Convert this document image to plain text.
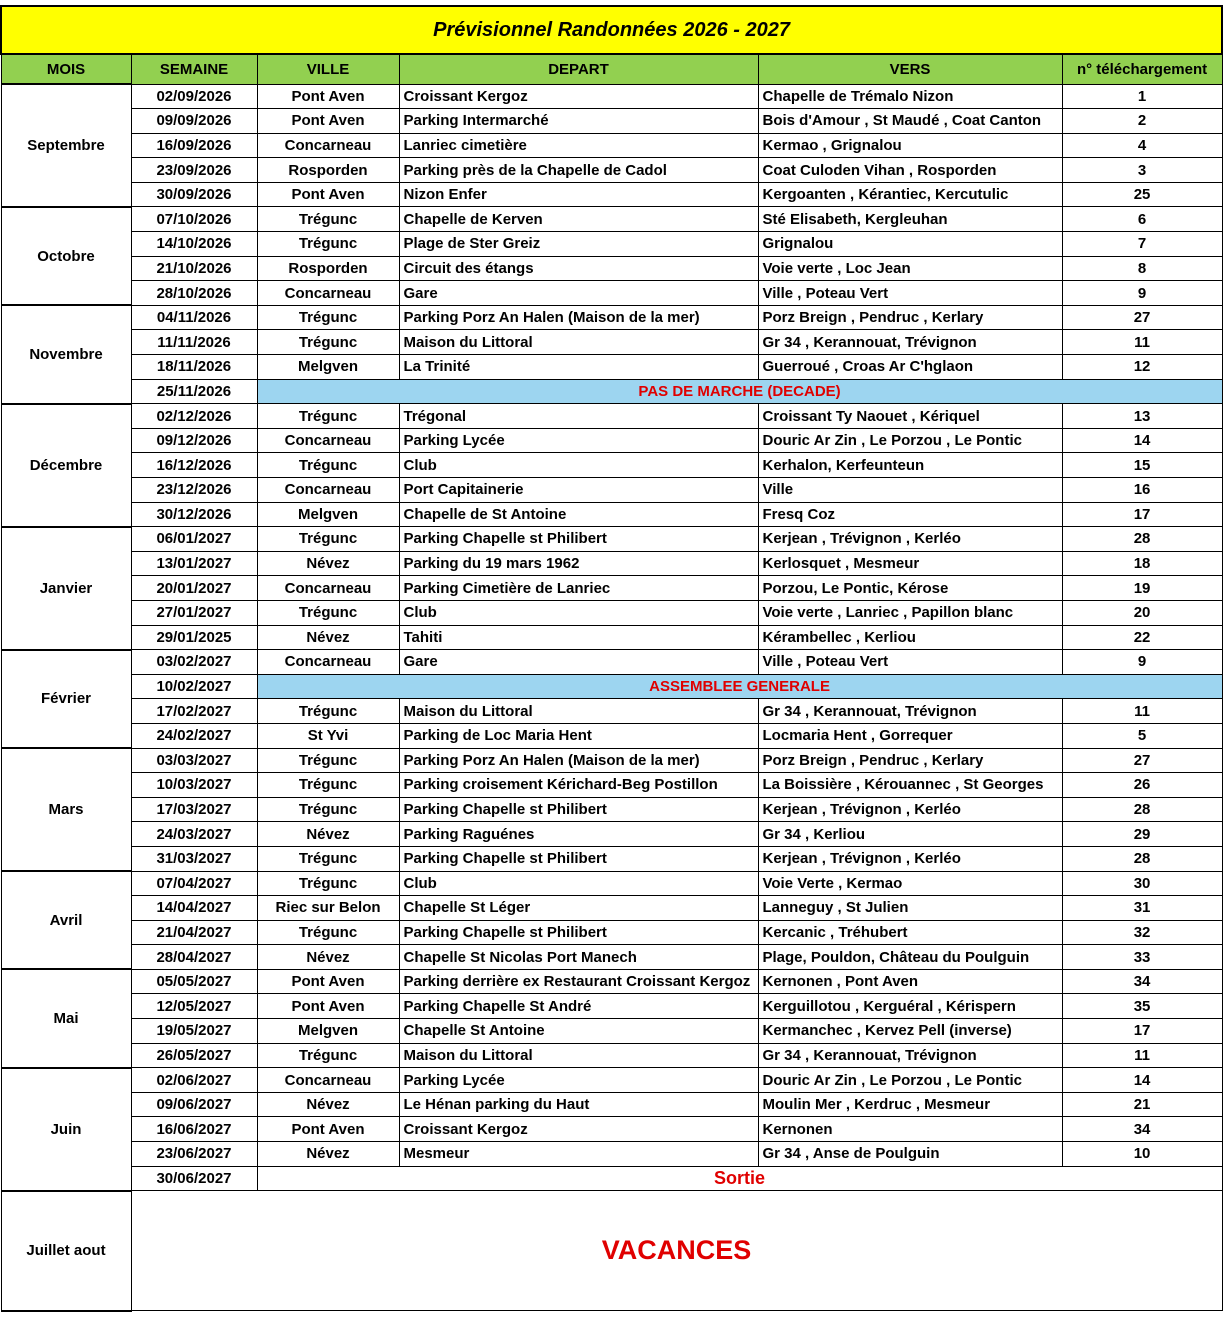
Prévisionnel Randonnées 2026 - 2027					
MOIS	SEMAINE	VILLE	DEPART	VERS	n° téléchargement
Septembre	02/09/2026	Pont Aven	Croissant Kergoz	Chapelle de Trémalo Nizon	1
	09/09/2026	Pont Aven	Parking Intermarché	Bois d'Amour , St Maudé , Coat Canton	2
	16/09/2026	Concarneau	Lanriec cimetière	Kermao , Grignalou	4
	23/09/2026	Rosporden	Parking près de la Chapelle de Cadol	Coat Culoden Vihan , Rosporden	3
	30/09/2026	Pont Aven	Nizon Enfer	Kergoanten , Kérantiec, Kercutulic	25
Octobre	07/10/2026	Trégunc	Chapelle de Kerven	Sté Elisabeth, Kergleuhan	6
	14/10/2026	Trégunc	Plage de Ster Greiz	Grignalou	7
	21/10/2026	Rosporden	Circuit des étangs	Voie verte , Loc Jean	8
	28/10/2026	Concarneau	Gare	Ville , Poteau Vert	9
Novembre	04/11/2026	Trégunc	Parking Porz An Halen (Maison de la mer)	Porz Breign , Pendruc , Kerlary	27
	11/11/2026	Trégunc	Maison du Littoral	Gr 34 , Kerannouat, Trévignon	11
	18/11/2026	Melgven	La Trinité	Guerroué , Croas Ar C'hglaon	12
	25/11/2026	PAS DE MARCHE (DECADE)			
Décembre	02/12/2026	Trégunc	Trégonal	Croissant Ty Naouet , Kériquel	13
	09/12/2026	Concarneau	Parking Lycée	Douric Ar Zin , Le Porzou , Le Pontic	14
	16/12/2026	Trégunc	Club	Kerhalon, Kerfeunteun	15
	23/12/2026	Concarneau	Port Capitainerie	Ville	16
	30/12/2026	Melgven	Chapelle de St Antoine	Fresq Coz	17
Janvier	06/01/2027	Trégunc	Parking Chapelle st Philibert	Kerjean , Trévignon , Kerléo	28
	13/01/2027	Névez	Parking du 19 mars 1962	Kerlosquet , Mesmeur	18
	20/01/2027	Concarneau	Parking Cimetière de Lanriec	Porzou, Le Pontic, Kérose	19
	27/01/2027	Trégunc	Club	Voie verte , Lanriec , Papillon blanc	20
	29/01/2025	Névez	Tahiti	Kérambellec , Kerliou	22
Février	03/02/2027	Concarneau	Gare	Ville , Poteau Vert	9
	10/02/2027	ASSEMBLEE GENERALE			
	17/02/2027	Trégunc	Maison du Littoral	Gr 34 , Kerannouat, Trévignon	11
	24/02/2027	St Yvi	Parking de Loc Maria Hent	Locmaria Hent , Gorrequer	5
Mars	03/03/2027	Trégunc	Parking Porz An Halen (Maison de la mer)	Porz Breign , Pendruc , Kerlary	27
	10/03/2027	Trégunc	Parking croisement Kérichard-Beg Postillon	La Boissière , Kérouannec , St Georges	26
	17/03/2027	Trégunc	Parking Chapelle st Philibert	Kerjean , Trévignon , Kerléo	28
	24/03/2027	Névez	Parking Raguénes	Gr 34 , Kerliou	29
	31/03/2027	Trégunc	Parking Chapelle st Philibert	Kerjean , Trévignon , Kerléo	28
Avril	07/04/2027	Trégunc	Club	Voie Verte , Kermao	30
	14/04/2027	Riec sur Belon	Chapelle St Léger	Lanneguy , St Julien	31
	21/04/2027	Trégunc	Parking Chapelle st Philibert	Kercanic , Tréhubert	32
	28/04/2027	Névez	Chapelle St Nicolas Port Manech	Plage, Pouldon, Château du Poulguin	33
Mai	05/05/2027	Pont Aven	Parking derrière ex Restaurant Croissant Kergoz	Kernonen , Pont Aven	34
	12/05/2027	Pont Aven	Parking Chapelle St André	Kerguillotou , Kerguéral , Kérispern	35
	19/05/2027	Melgven	Chapelle St Antoine	Kermanchec , Kervez Pell (inverse)	17
	26/05/2027	Trégunc	Maison du Littoral	Gr 34 , Kerannouat, Trévignon	11
Juin	02/06/2027	Concarneau	Parking Lycée	Douric Ar Zin , Le Porzou , Le Pontic	14
	09/06/2027	Névez	Le Hénan parking du Haut	Moulin Mer , Kerdruc , Mesmeur	21
	16/06/2027	Pont Aven	Croissant Kergoz	Kernonen	34
	23/06/2027	Névez	Mesmeur	Gr 34 , Anse de Poulguin	10
	30/06/2027	Sortie			
Juillet aout	VACANCES				
